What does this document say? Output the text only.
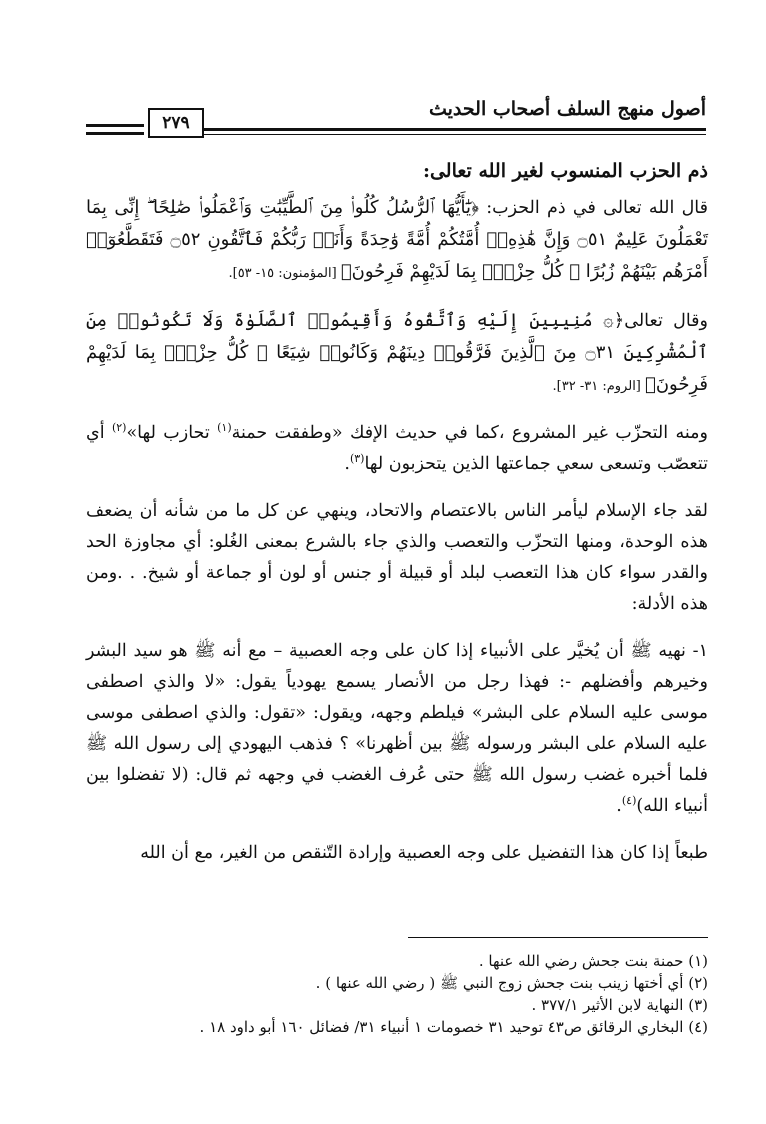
أصول منهج السلف أصحاب الحديث
٢٧٩

ذم الحزب المنسوب لغير الله تعالى:

قال الله تعالى في ذم الحزب: ﴿يَٰٓأَيُّهَا ٱلرُّسُلُ كُلُوا۟ مِنَ ٱلطَّيِّبَٰتِ وَٱعْمَلُوا۟ صَٰلِحًا ۖ إِنِّى بِمَا تَعْمَلُونَ عَلِيمٌ ۝٥١ وَإِنَّ هَٰذِهِۦٓ أُمَّتُكُمْ أُمَّةً وَٰحِدَةً وَأَنَا۠ رَبُّكُمْ فَٱتَّقُونِ ۝٥٢ فَتَقَطَّعُوٓا۟ أَمْرَهُم بَيْنَهُمْ زُبُرًا ۖ كُلُّ حِزْبٍۭ بِمَا لَدَيْهِمْ فَرِحُونَ﴾ [المؤمنون: ١٥- ٥٣].

وقال تعالى﴿۞ مُنِيبِينَ إِلَيْهِ وَٱتَّقُوهُ وَأَقِيمُوا۟ ٱلصَّلَوٰةَ وَلَا تَكُونُوا۟ مِنَ ٱلْمُشْرِكِينَ ۝٣١ مِنَ ٱلَّذِينَ فَرَّقُوا۟ دِينَهُمْ وَكَانُوا۟ شِيَعًا ۖ كُلُّ حِزْبٍۭ بِمَا لَدَيْهِمْ فَرِحُونَ﴾ [الروم: ٣١- ٣٢].

ومنه التحزّب غير المشروع ،كما في حديث الإفك «وطفقت حمنة$^{(١)}$ تحازب لها»$^{(٢)}$ أي تتعصّب وتسعى سعي جماعتها الذين يتحزبون لها$^{(٣)}$.

لقد جاء الإسلام ليأمر الناس بالاعتصام والاتحاد، وينهي عن كل ما من شأنه أن يضعف هذه الوحدة، ومنها التحزّب والتعصب والذي جاء بالشرع بمعنى الغُلو: أي مجاوزة الحد والقدر سواء كان هذا التعصب لبلد أو قبيلة أو جنس أو لون أو جماعة أو شيخ. . .ومن هذه الأدلة:

١- نهيه ﷺ أن يُخيَّر على الأنبياء إذا كان على وجه العصبية – مع أنه ﷺ هو سيد البشر وخيرهم وأفضلهم -: فهذا رجل من الأنصار يسمع يهودياً يقول: «لا والذي اصطفى موسى عليه السلام على البشر» فيلطم وجهه، ويقول: «تقول: والذي اصطفى موسى عليه السلام على البشر ورسوله ﷺ بين أظهرنا» ؟ فذهب اليهودي إلى رسول الله ﷺ فلما أخبره غضب رسول الله ﷺ حتى عُرف الغضب في وجهه ثم قال: (لا تفضلوا بين أنبياء الله)$^{(٤)}$.

طبعاً إذا كان هذا التفضيل على وجه العصبية وإرادة التّنقص من الغير، مع أن الله

(١) حمنة بنت جحش رضي الله عنها .

(٢) أي أختها زينب بنت جحش زوج النبي ﷺ ( رضي الله عنها ) .

(٣) النهاية لابن الأثير ٣٧٧/١ .

(٤) البخاري الرقائق ص٤٣ توحيد ٣١ خصومات ١ أنبياء ٣١/ فضائل ١٦٠ أبو داود ١٨ .
